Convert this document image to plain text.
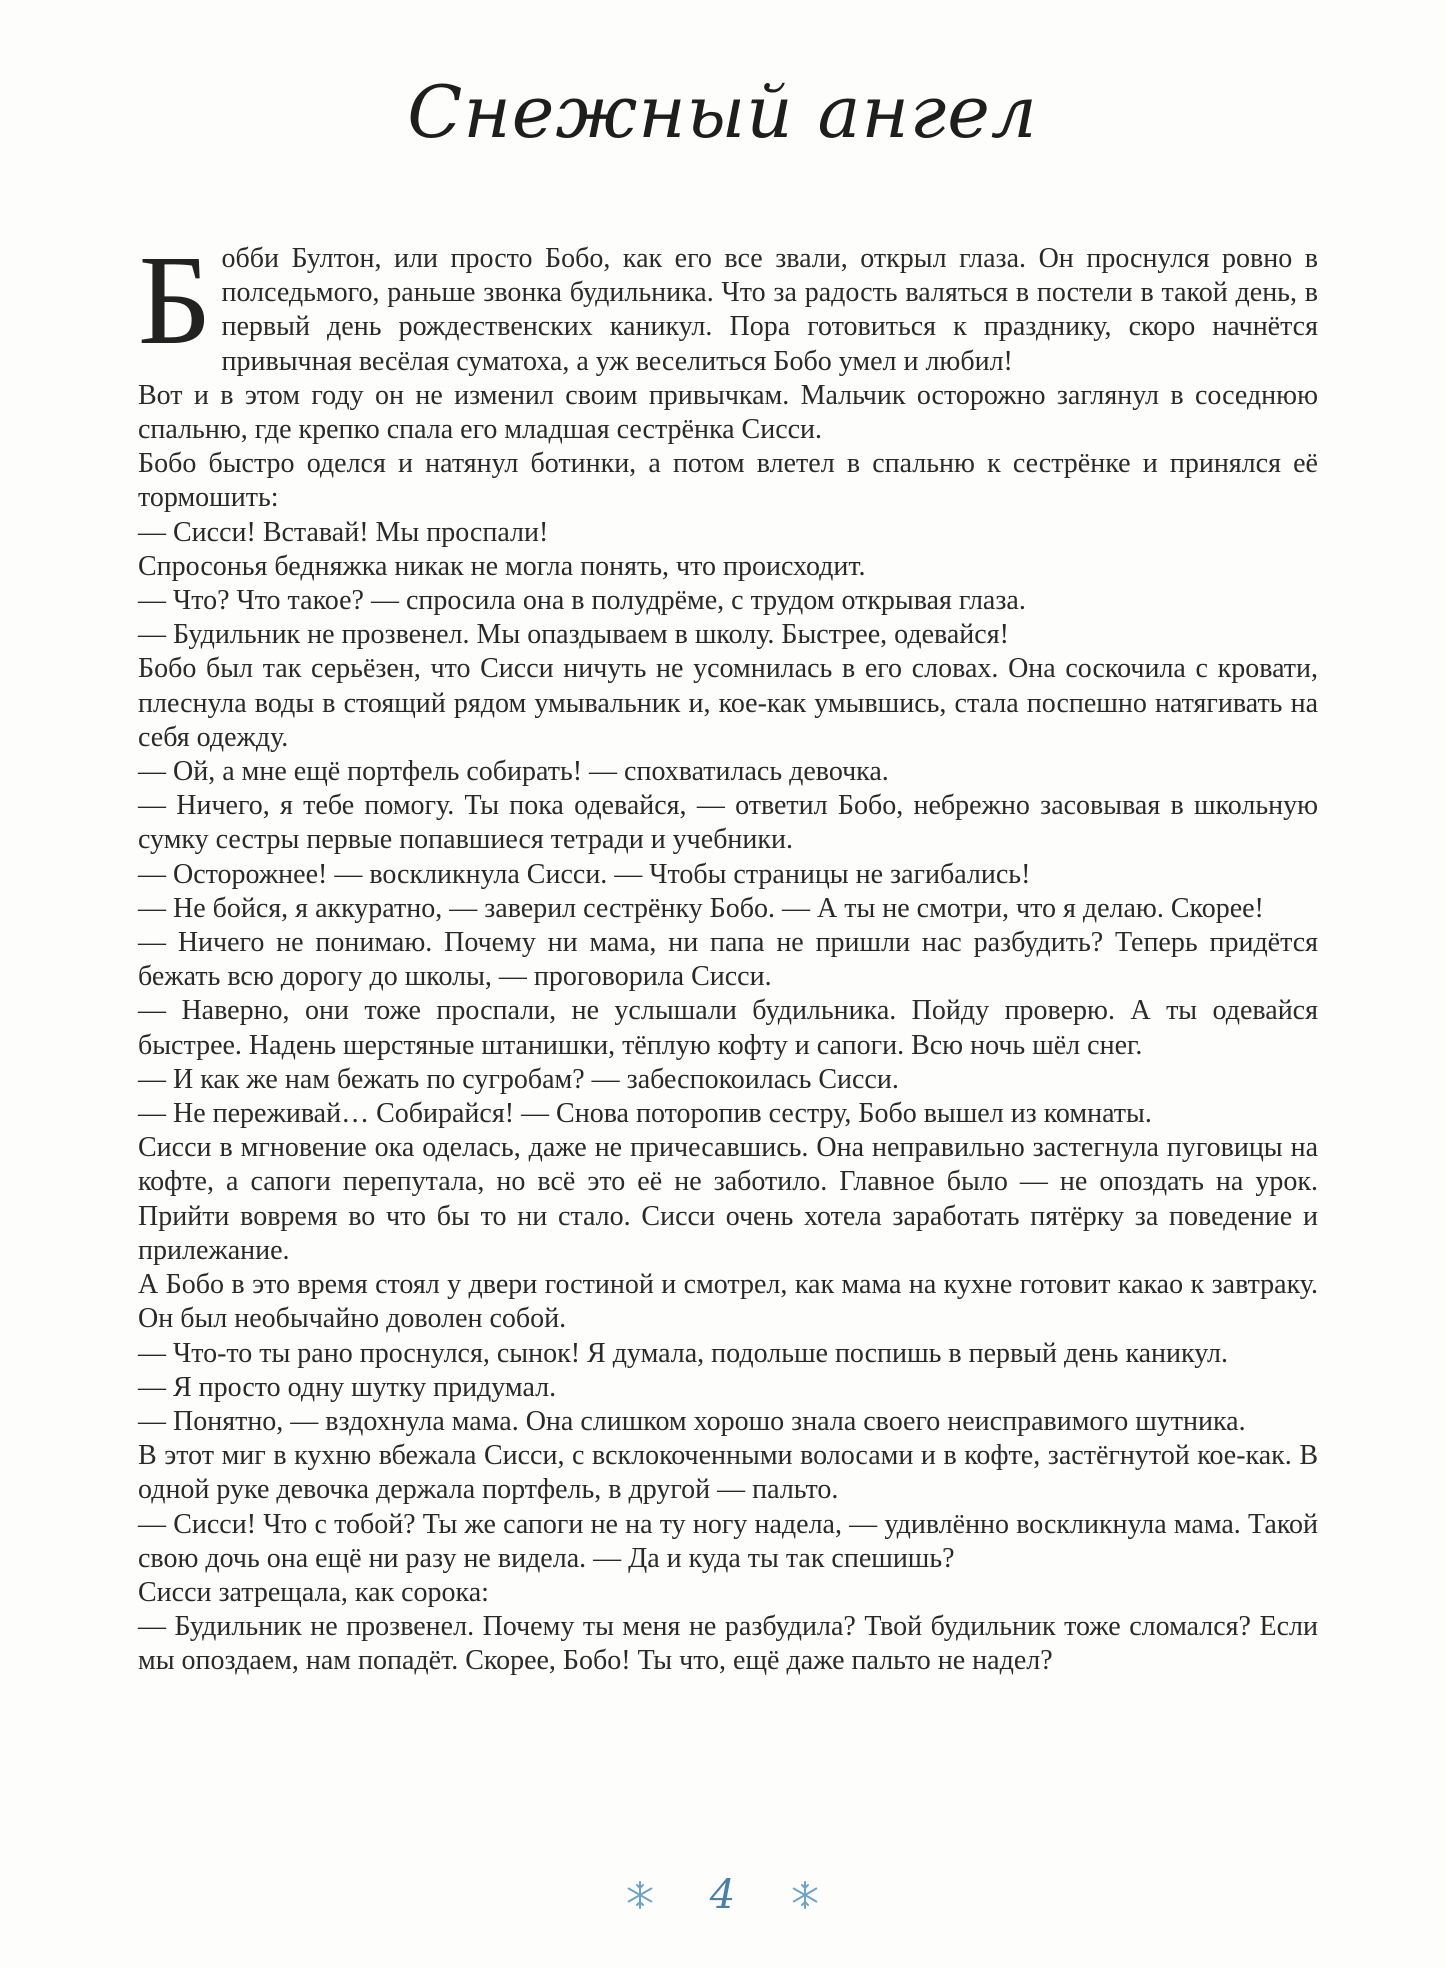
Снежный ангел
Б обби Бултон, или просто Бобо, как его все звали, открыл глаза. Он проснулся ровно в полседьмого, раньше звонка будильника. Что за радость валяться в постели в такой день, в первый день рождественских каникул. Пора готовиться к празднику, скоро начнётся привычная весёлая суматоха, а уж веселиться Бобо умел и любил!

Вот и в этом году он не изменил своим привычкам. Мальчик осторожно заглянул в соседнюю спальню, где крепко спала его младшая сестрёнка Сисси.

Бобо быстро оделся и натянул ботинки, а потом влетел в спальню к сестрёнке и принялся её тормошить:

— Сисси! Вставай! Мы проспали!

Спросонья бедняжка никак не могла понять, что происходит.

— Что? Что такое? — спросила она в полудрёме, с трудом открывая глаза.

— Будильник не прозвенел. Мы опаздываем в школу. Быстрее, одевайся!

Бобо был так серьёзен, что Сисси ничуть не усомнилась в его словах. Она соскочила с кровати, плеснула воды в стоящий рядом умывальник и, кое-как умывшись, стала поспешно натягивать на себя одежду.

— Ой, а мне ещё портфель собирать! — спохватилась девочка.

— Ничего, я тебе помогу. Ты пока одевайся, — ответил Бобо, небрежно засовывая в школьную сумку сестры первые попавшиеся тетради и учебники.

— Осторожнее! — воскликнула Сисси. — Чтобы страницы не загибались!

— Не бойся, я аккуратно, — заверил сестрёнку Бобо. — А ты не смотри, что я делаю. Скорее!

— Ничего не понимаю. Почему ни мама, ни папа не пришли нас разбудить? Теперь придётся бежать всю дорогу до школы, — проговорила Сисси.

— Наверно, они тоже проспали, не услышали будильника. Пойду проверю. А ты одевайся быстрее. Надень шерстяные штанишки, тёплую кофту и сапоги. Всю ночь шёл снег.

— И как же нам бежать по сугробам? — забеспокоилась Сисси.

— Не переживай… Собирайся! — Снова поторопив сестру, Бобо вышел из комнаты.

Сисси в мгновение ока оделась, даже не причесавшись. Она неправильно застегнула пуговицы на кофте, а сапоги перепутала, но всё это её не заботило. Главное было — не опоздать на урок. Прийти вовремя во что бы то ни стало. Сисси очень хотела заработать пятёрку за поведение и прилежание.

А Бобо в это время стоял у двери гостиной и смотрел, как мама на кухне готовит какао к завтраку. Он был необычайно доволен собой.

— Что-то ты рано проснулся, сынок! Я думала, подольше поспишь в первый день каникул.

— Я просто одну шутку придумал.

— Понятно, — вздохнула мама. Она слишком хорошо знала своего неисправимого шутника.

В этот миг в кухню вбежала Сисси, с всклокоченными волосами и в кофте, застёгнутой кое-как. В одной руке девочка держала портфель, в другой — пальто.

— Сисси! Что с тобой? Ты же сапоги не на ту ногу надела, — удивлённо воскликнула мама. Такой свою дочь она ещё ни разу не видела. — Да и куда ты так спешишь?

Сисси затрещала, как сорока:

— Будильник не прозвенел. Почему ты меня не разбудила? Твой будильник тоже сломался? Если мы опоздаем, нам попадёт. Скорее, Бобо! Ты что, ещё даже пальто не надел?

4
